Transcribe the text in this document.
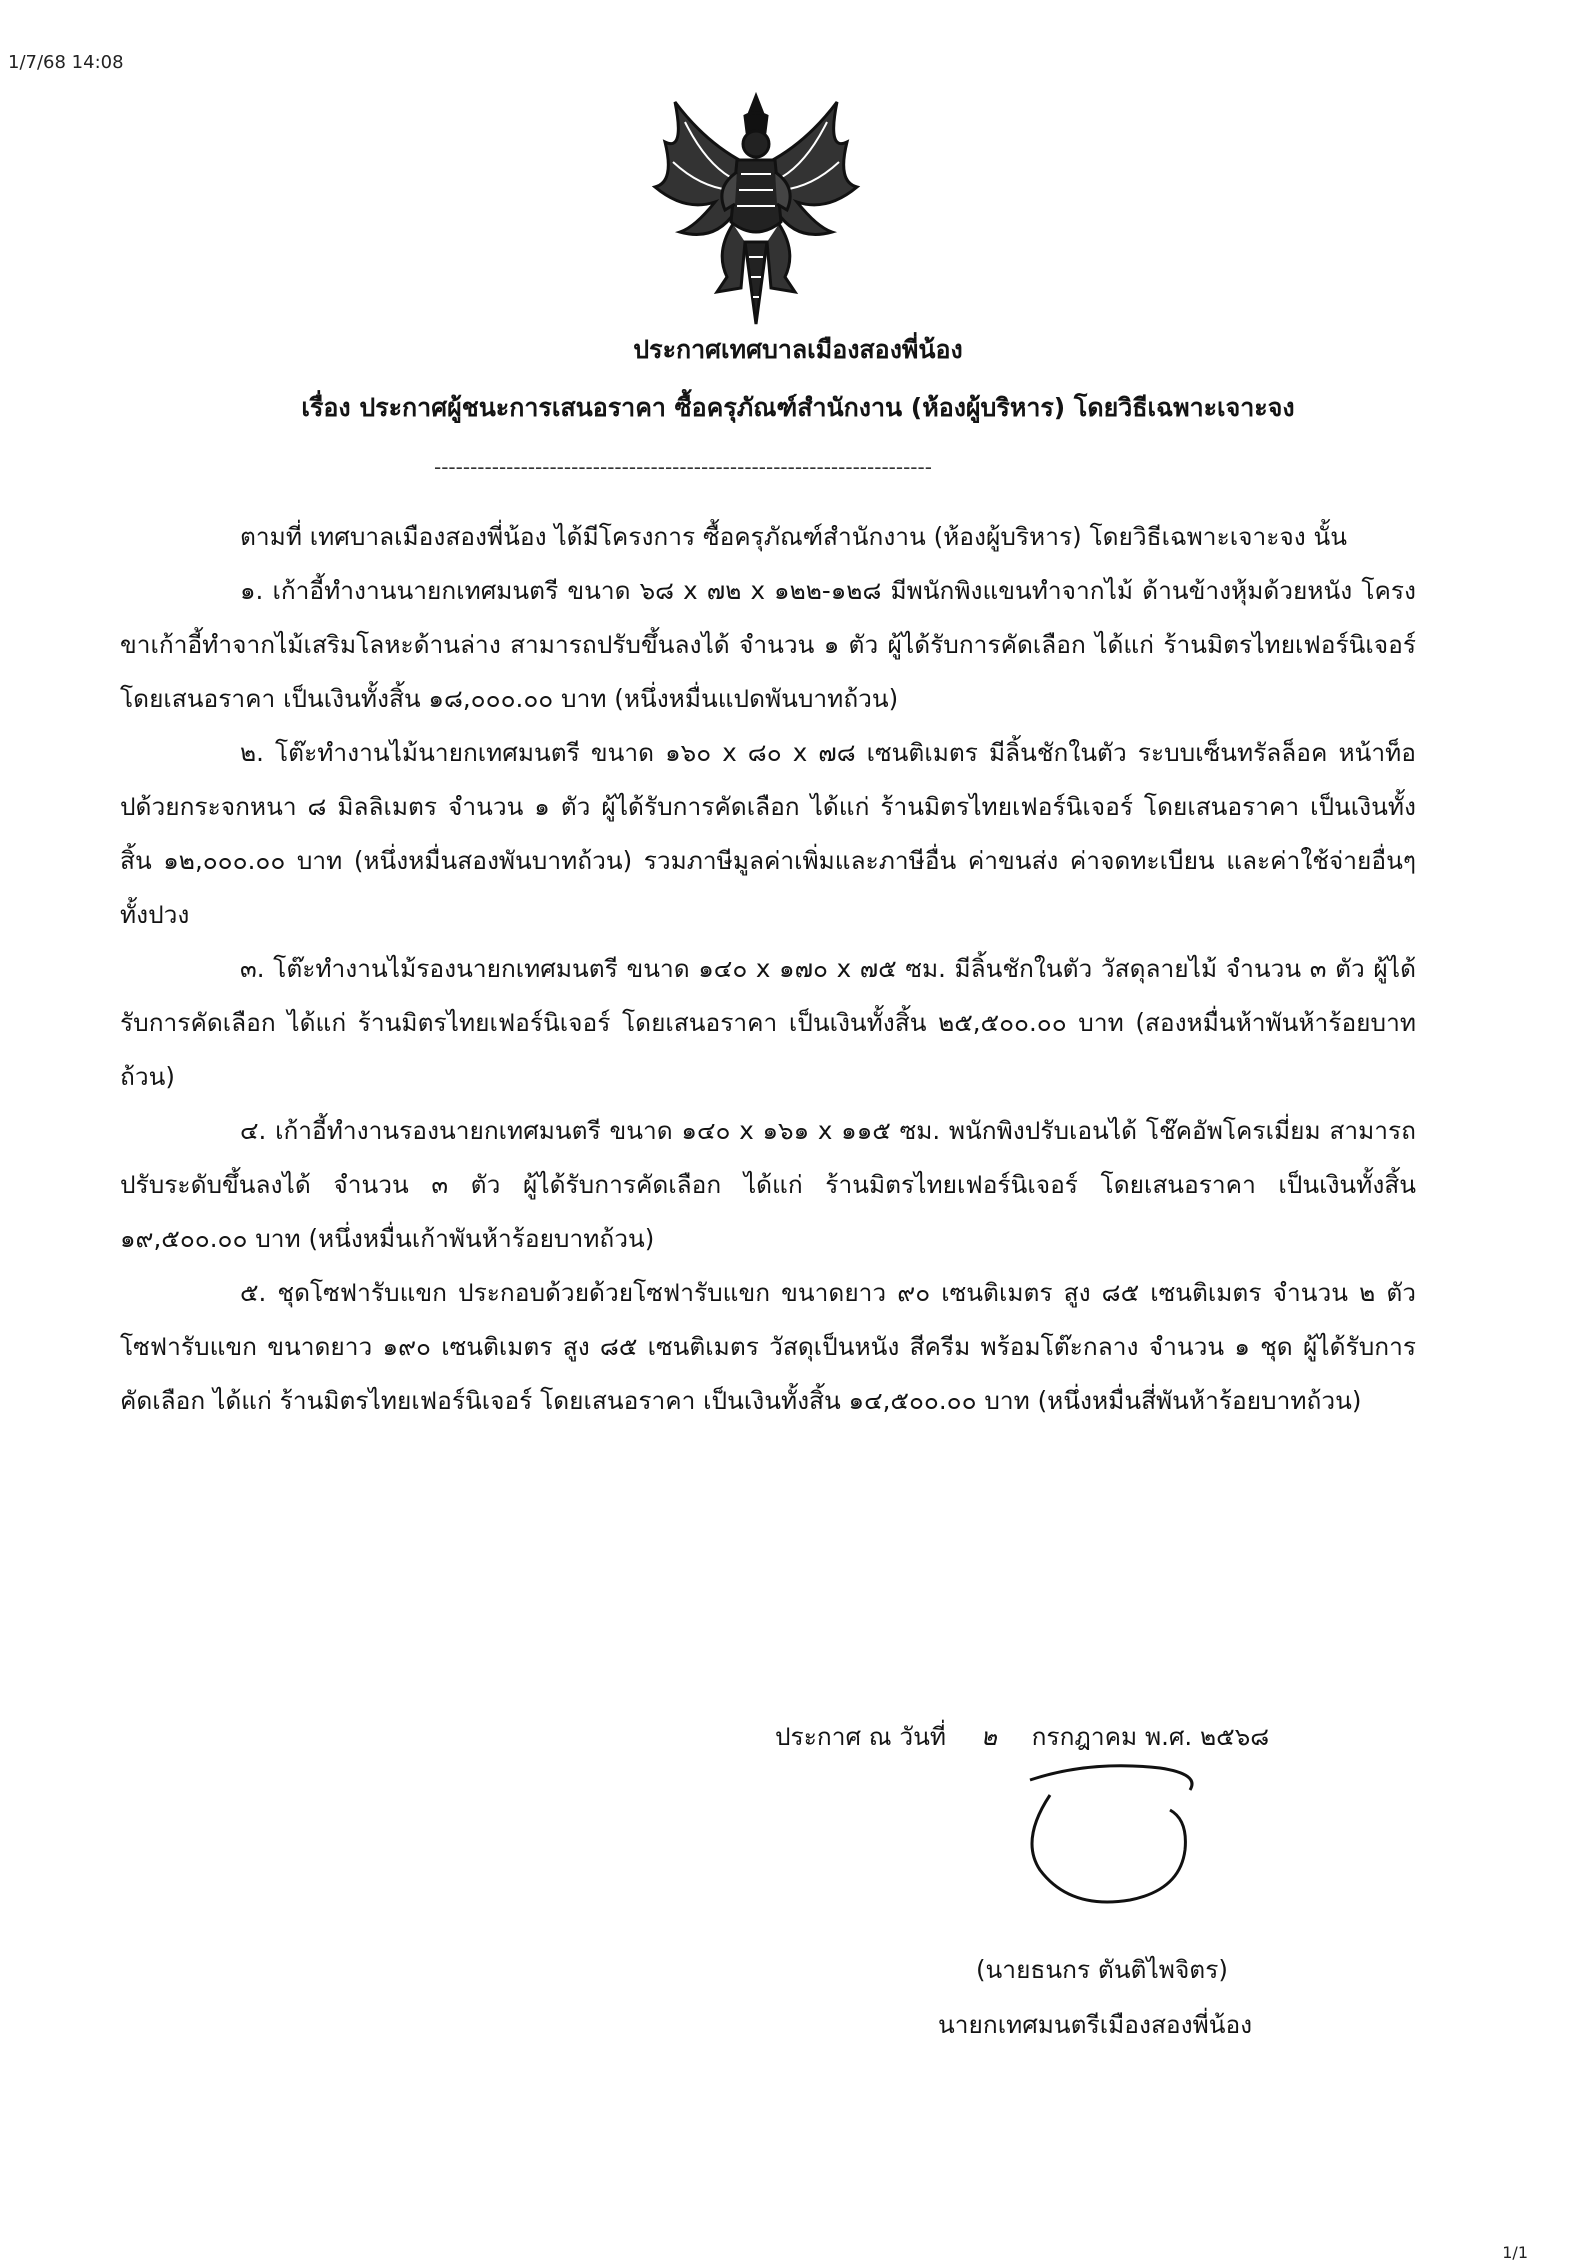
1/7/68 14:08
ประกาศเทศบาลเมืองสองพี่น้อง
เรื่อง ประกาศผู้ชนะการเสนอราคา ซื้อครุภัณฑ์สำนักงาน (ห้องผู้บริหาร) โดยวิธีเฉพาะเจาะจง
---------------------------------------------------------------------

ตามที่ เทศบาลเมืองสองพี่น้อง ได้มีโครงการ ซื้อครุภัณฑ์สำนักงาน (ห้องผู้บริหาร) โดยวิธีเฉพาะเจาะจง นั้น

๑. เก้าอี้ทำงานนายกเทศมนตรี ขนาด ๖๘ x ๗๒ x ๑๒๒-๑๒๘ มีพนักพิงแขนทำจากไม้ ด้านข้างหุ้มด้วยหนัง โครงขาเก้าอี้ทำจากไม้เสริมโลหะด้านล่าง สามารถปรับขึ้นลงได้ จำนวน ๑ ตัว ผู้ได้รับการคัดเลือก ได้แก่ ร้านมิตรไทยเฟอร์นิเจอร์ โดยเสนอราคา เป็นเงินทั้งสิ้น ๑๘,๐๐๐.๐๐ บาท (หนึ่งหมื่นแปดพันบาทถ้วน)

๒. โต๊ะทำงานไม้นายกเทศมนตรี ขนาด ๑๖๐ x ๘๐ x ๗๘ เซนติเมตร มีลิ้นชักในตัว ระบบเซ็นทรัลล็อค หน้าท็อปด้วยกระจกหนา ๘ มิลลิเมตร จำนวน ๑ ตัว ผู้ได้รับการคัดเลือก ได้แก่ ร้านมิตรไทยเฟอร์นิเจอร์ โดยเสนอราคา เป็นเงินทั้งสิ้น ๑๒,๐๐๐.๐๐ บาท (หนึ่งหมื่นสองพันบาทถ้วน) รวมภาษีมูลค่าเพิ่มและภาษีอื่น ค่าขนส่ง ค่าจดทะเบียน และค่าใช้จ่ายอื่นๆ ทั้งปวง

๓. โต๊ะทำงานไม้รองนายกเทศมนตรี ขนาด ๑๔๐ x ๑๗๐ x ๗๕ ซม. มีลิ้นชักในตัว วัสดุลายไม้ จำนวน ๓ ตัว ผู้ได้รับการคัดเลือก ได้แก่ ร้านมิตรไทยเฟอร์นิเจอร์ โดยเสนอราคา เป็นเงินทั้งสิ้น ๒๕,๕๐๐.๐๐ บาท (สองหมื่นห้าพันห้าร้อยบาทถ้วน)

๔. เก้าอี้ทำงานรองนายกเทศมนตรี ขนาด ๑๔๐ x ๑๖๑ x ๑๑๕ ซม. พนักพิงปรับเอนได้ โช๊คอัพโครเมี่ยม สามารถปรับระดับขึ้นลงได้ จำนวน ๓ ตัว ผู้ได้รับการคัดเลือก ได้แก่ ร้านมิตรไทยเฟอร์นิเจอร์ โดยเสนอราคา เป็นเงินทั้งสิ้น ๑๙,๕๐๐.๐๐ บาท (หนึ่งหมื่นเก้าพันห้าร้อยบาทถ้วน)

๕. ชุดโซฟารับแขก ประกอบด้วยด้วยโซฟารับแขก ขนาดยาว ๙๐ เซนติเมตร สูง ๘๕ เซนติเมตร จำนวน ๒ ตัว โซฟารับแขก ขนาดยาว ๑๙๐ เซนติเมตร สูง ๘๕ เซนติเมตร วัสดุเป็นหนัง สีครีม พร้อมโต๊ะกลาง จำนวน ๑ ชุด ผู้ได้รับการคัดเลือก ได้แก่ ร้านมิตรไทยเฟอร์นิเจอร์ โดยเสนอราคา เป็นเงินทั้งสิ้น ๑๔,๕๐๐.๐๐ บาท (หนึ่งหมื่นสี่พันห้าร้อยบาทถ้วน)

ประกาศ ณ วันที่ ๒ กรกฎาคม พ.ศ. ๒๕๖๘
(นายธนกร ตันติไพจิตร)
นายกเทศมนตรีเมืองสองพี่น้อง
1/1
